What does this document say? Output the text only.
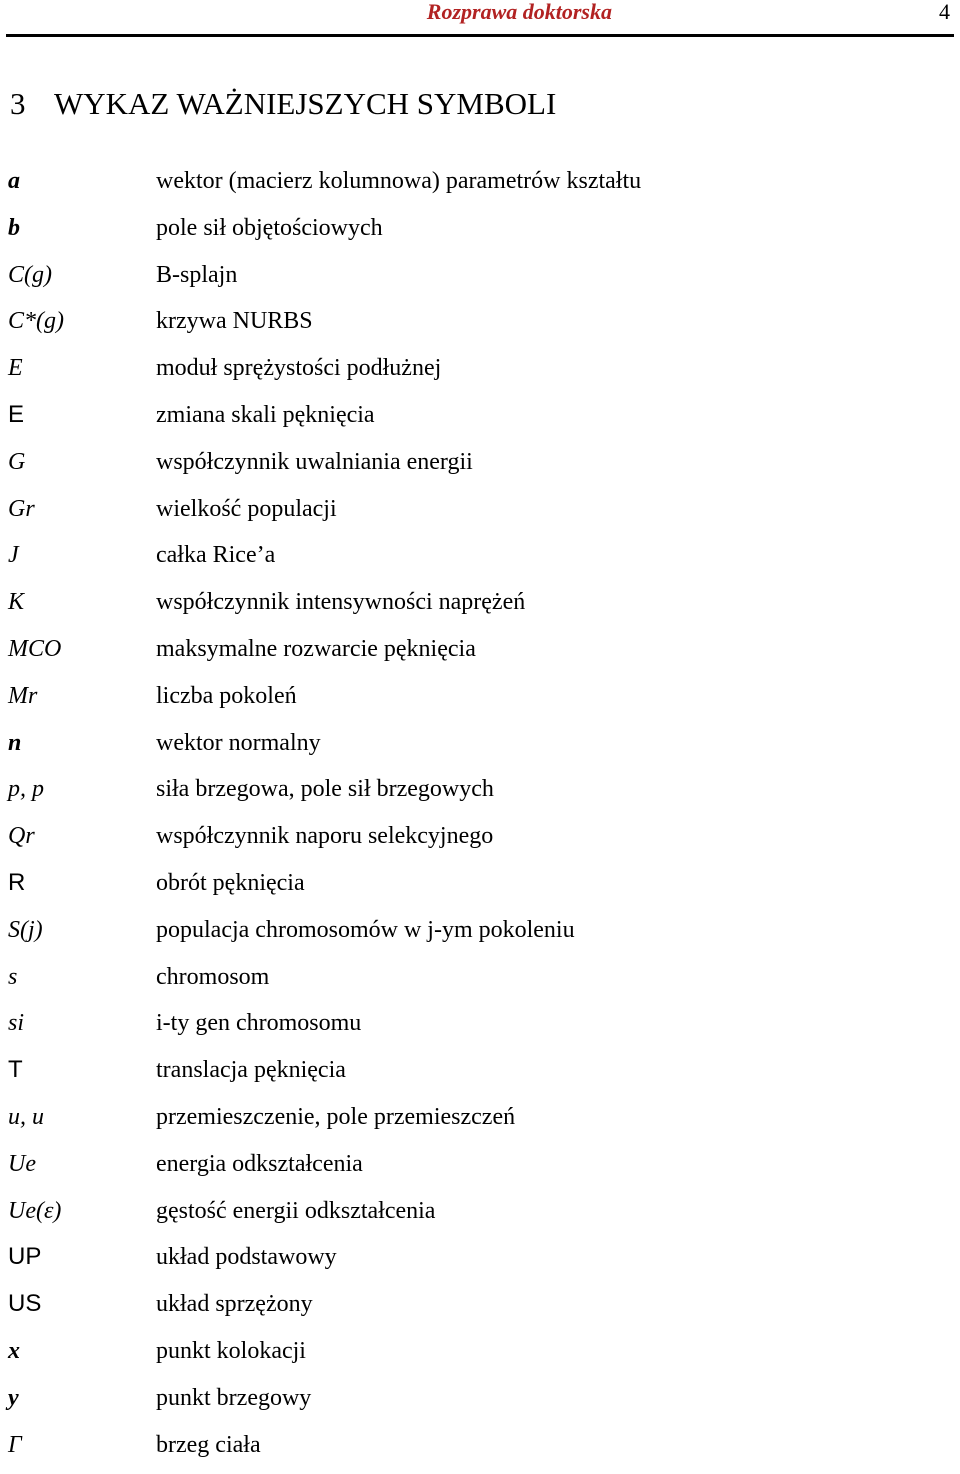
Rozprawa doktorska	4
3 WYKAZ WAŻNIEJSZYCH SYMBOLI
a	wektor (macierz kolumnowa) parametrów kształtu
b	pole sił objętościowych
C(g)	B-splajn
C*(g)	krzywa NURBS
E	moduł sprężystości podłużnej
E	zmiana skali pęknięcia
G	współczynnik uwalniania energii
Gr	wielkość populacji
J	całka Rice’a
K	współczynnik intensywności naprężeń
MCO	maksymalne rozwarcie pęknięcia
Mr	liczba pokoleń
n	wektor normalny
p, p	siła brzegowa, pole sił brzegowych
Qr	współczynnik naporu selekcyjnego
R	obrót pęknięcia
S(j)	populacja chromosomów w j-ym pokoleniu
s	chromosom
si	i-ty gen chromosomu
T	translacja pęknięcia
u, u	przemieszczenie, pole przemieszczeń
Ue	energia odkształcenia
Ue(ε)	gęstość energii odkształcenia
UP	układ podstawowy
US	układ sprzężony
x	punkt kolokacji
y	punkt brzegowy
Γ	brzeg ciała
